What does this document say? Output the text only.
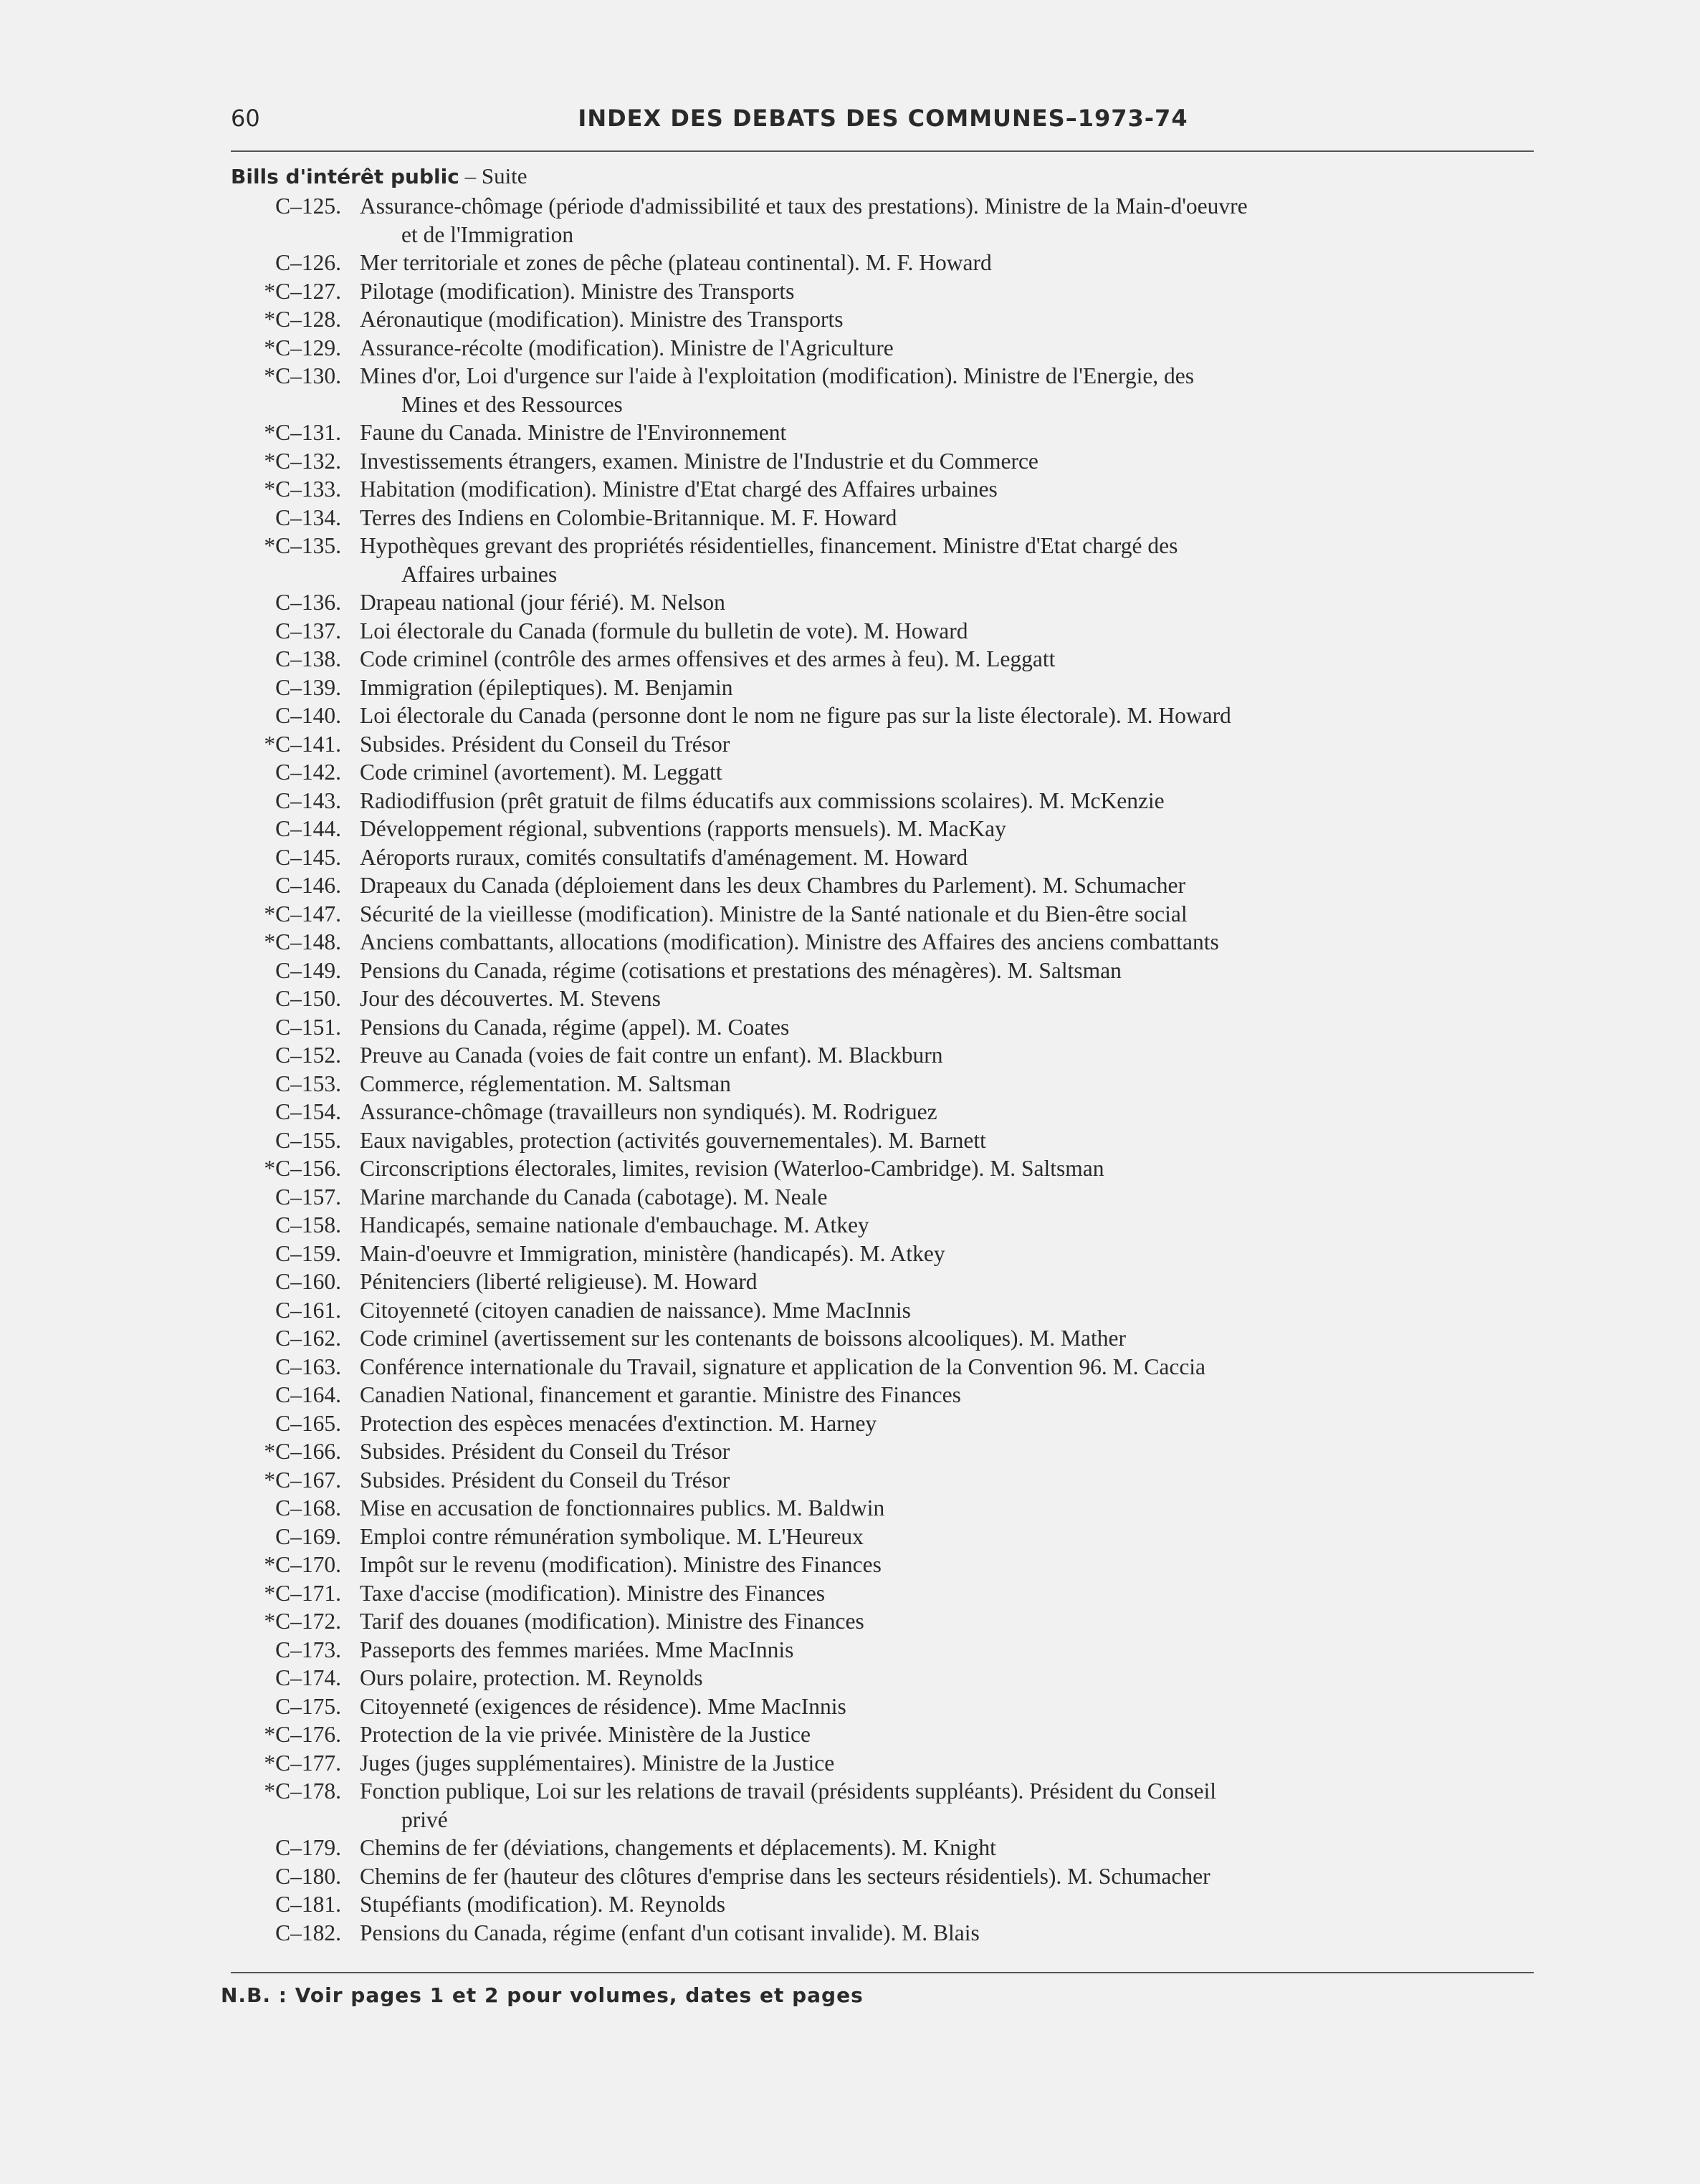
60	INDEX DES DEBATS DES COMMUNES–1973-74
Bills d'intérêt public – Suite
C–125. Assurance-chômage (période d'admissibilité et taux des prestations). Ministre de la Main-d'oeuvre
et de l'Immigration
C–126. Mer territoriale et zones de pêche (plateau continental). M. F. Howard
*C–127. Pilotage (modification). Ministre des Transports
*C–128. Aéronautique (modification). Ministre des Transports
*C–129. Assurance-récolte (modification). Ministre de l'Agriculture
*C–130. Mines d'or, Loi d'urgence sur l'aide à l'exploitation (modification). Ministre de l'Energie, des
Mines et des Ressources
*C–131. Faune du Canada. Ministre de l'Environnement
*C–132. Investissements étrangers, examen. Ministre de l'Industrie et du Commerce
*C–133. Habitation (modification). Ministre d'Etat chargé des Affaires urbaines
C–134. Terres des Indiens en Colombie-Britannique. M. F. Howard
*C–135. Hypothèques grevant des propriétés résidentielles, financement. Ministre d'Etat chargé des
Affaires urbaines
C–136. Drapeau national (jour férié). M. Nelson
C–137. Loi électorale du Canada (formule du bulletin de vote). M. Howard
C–138. Code criminel (contrôle des armes offensives et des armes à feu). M. Leggatt
C–139. Immigration (épileptiques). M. Benjamin
C–140. Loi électorale du Canada (personne dont le nom ne figure pas sur la liste électorale). M. Howard
*C–141. Subsides. Président du Conseil du Trésor
C–142. Code criminel (avortement). M. Leggatt
C–143. Radiodiffusion (prêt gratuit de films éducatifs aux commissions scolaires). M. McKenzie
C–144. Développement régional, subventions (rapports mensuels). M. MacKay
C–145. Aéroports ruraux, comités consultatifs d'aménagement. M. Howard
C–146. Drapeaux du Canada (déploiement dans les deux Chambres du Parlement). M. Schumacher
*C–147. Sécurité de la vieillesse (modification). Ministre de la Santé nationale et du Bien-être social
*C–148. Anciens combattants, allocations (modification). Ministre des Affaires des anciens combattants
C–149. Pensions du Canada, régime (cotisations et prestations des ménagères). M. Saltsman
C–150. Jour des découvertes. M. Stevens
C–151. Pensions du Canada, régime (appel). M. Coates
C–152. Preuve au Canada (voies de fait contre un enfant). M. Blackburn
C–153. Commerce, réglementation. M. Saltsman
C–154. Assurance-chômage (travailleurs non syndiqués). M. Rodriguez
C–155. Eaux navigables, protection (activités gouvernementales). M. Barnett
*C–156. Circonscriptions électorales, limites, revision (Waterloo-Cambridge). M. Saltsman
C–157. Marine marchande du Canada (cabotage). M. Neale
C–158. Handicapés, semaine nationale d'embauchage. M. Atkey
C–159. Main-d'oeuvre et Immigration, ministère (handicapés). M. Atkey
C–160. Pénitenciers (liberté religieuse). M. Howard
C–161. Citoyenneté (citoyen canadien de naissance). Mme MacInnis
C–162. Code criminel (avertissement sur les contenants de boissons alcooliques). M. Mather
C–163. Conférence internationale du Travail, signature et application de la Convention 96. M. Caccia
C–164. Canadien National, financement et garantie. Ministre des Finances
C–165. Protection des espèces menacées d'extinction. M. Harney
*C–166. Subsides. Président du Conseil du Trésor
*C–167. Subsides. Président du Conseil du Trésor
C–168. Mise en accusation de fonctionnaires publics. M. Baldwin
C–169. Emploi contre rémunération symbolique. M. L'Heureux
*C–170. Impôt sur le revenu (modification). Ministre des Finances
*C–171. Taxe d'accise (modification). Ministre des Finances
*C–172. Tarif des douanes (modification). Ministre des Finances
C–173. Passeports des femmes mariées. Mme MacInnis
C–174. Ours polaire, protection. M. Reynolds
C–175. Citoyenneté (exigences de résidence). Mme MacInnis
*C–176. Protection de la vie privée. Ministère de la Justice
*C–177. Juges (juges supplémentaires). Ministre de la Justice
*C–178. Fonction publique, Loi sur les relations de travail (présidents suppléants). Président du Conseil
privé
C–179. Chemins de fer (déviations, changements et déplacements). M. Knight
C–180. Chemins de fer (hauteur des clôtures d'emprise dans les secteurs résidentiels). M. Schumacher
C–181. Stupéfiants (modification). M. Reynolds
C–182. Pensions du Canada, régime (enfant d'un cotisant invalide). M. Blais
N.B. : Voir pages 1 et 2 pour volumes, dates et pages
